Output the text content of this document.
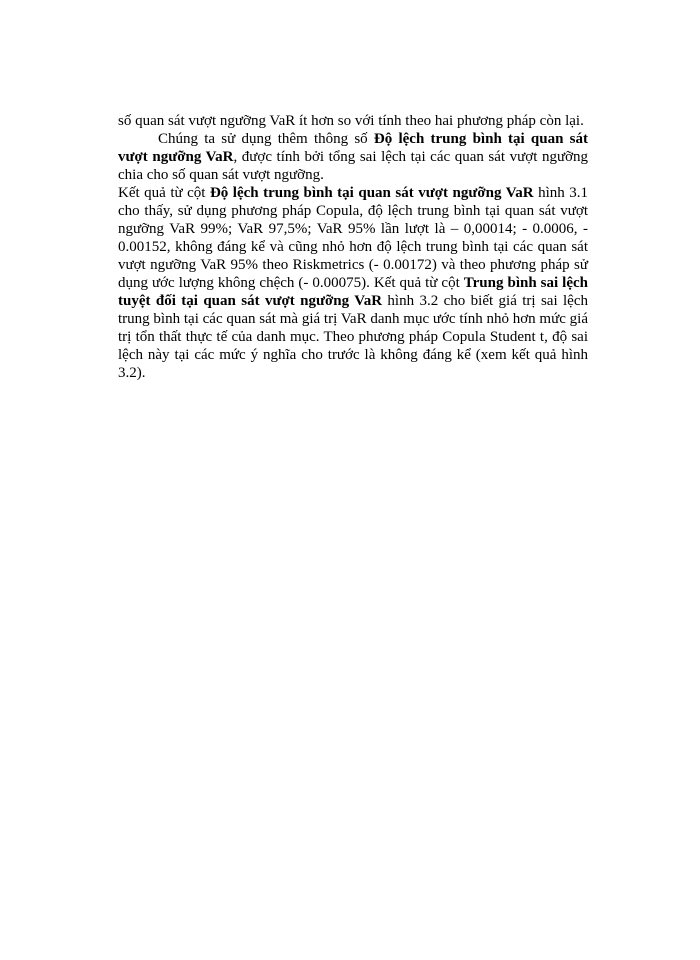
số quan sát vượt ngưỡng VaR ít hơn so với tính theo hai phương pháp còn lại.

Chúng ta sử dụng thêm thông số Độ lệch trung bình tại quan sát vượt ngưỡng VaR, được tính bởi tổng sai lệch tại các quan sát vượt ngưỡng chia cho số quan sát vượt ngưỡng.

Kết quả từ cột Độ lệch trung bình tại quan sát vượt ngưỡng VaR hình 3.1 cho thấy, sử dụng phương pháp Copula, độ lệch trung bình tại quan sát vượt ngưỡng VaR 99%; VaR 97,5%; VaR 95% lần lượt là – 0,00014; - 0.0006, - 0.00152, không đáng kể và cũng nhỏ hơn độ lệch trung bình tại các quan sát vượt ngưỡng VaR 95% theo Riskmetrics (- 0.00172) và theo phương pháp sử dụng ước lượng không chệch (- 0.00075). Kết quả từ cột Trung bình sai lệch tuyệt đối tại quan sát vượt ngưỡng VaR hình 3.2 cho biết giá trị sai lệch trung bình tại các quan sát mà giá trị VaR danh mục ước tính nhỏ hơn mức giá trị tổn thất thực tế của danh mục. Theo phương pháp Copula Student t, độ sai lệch này tại các mức ý nghĩa cho trước là không đáng kể (xem kết quả hình 3.2).
